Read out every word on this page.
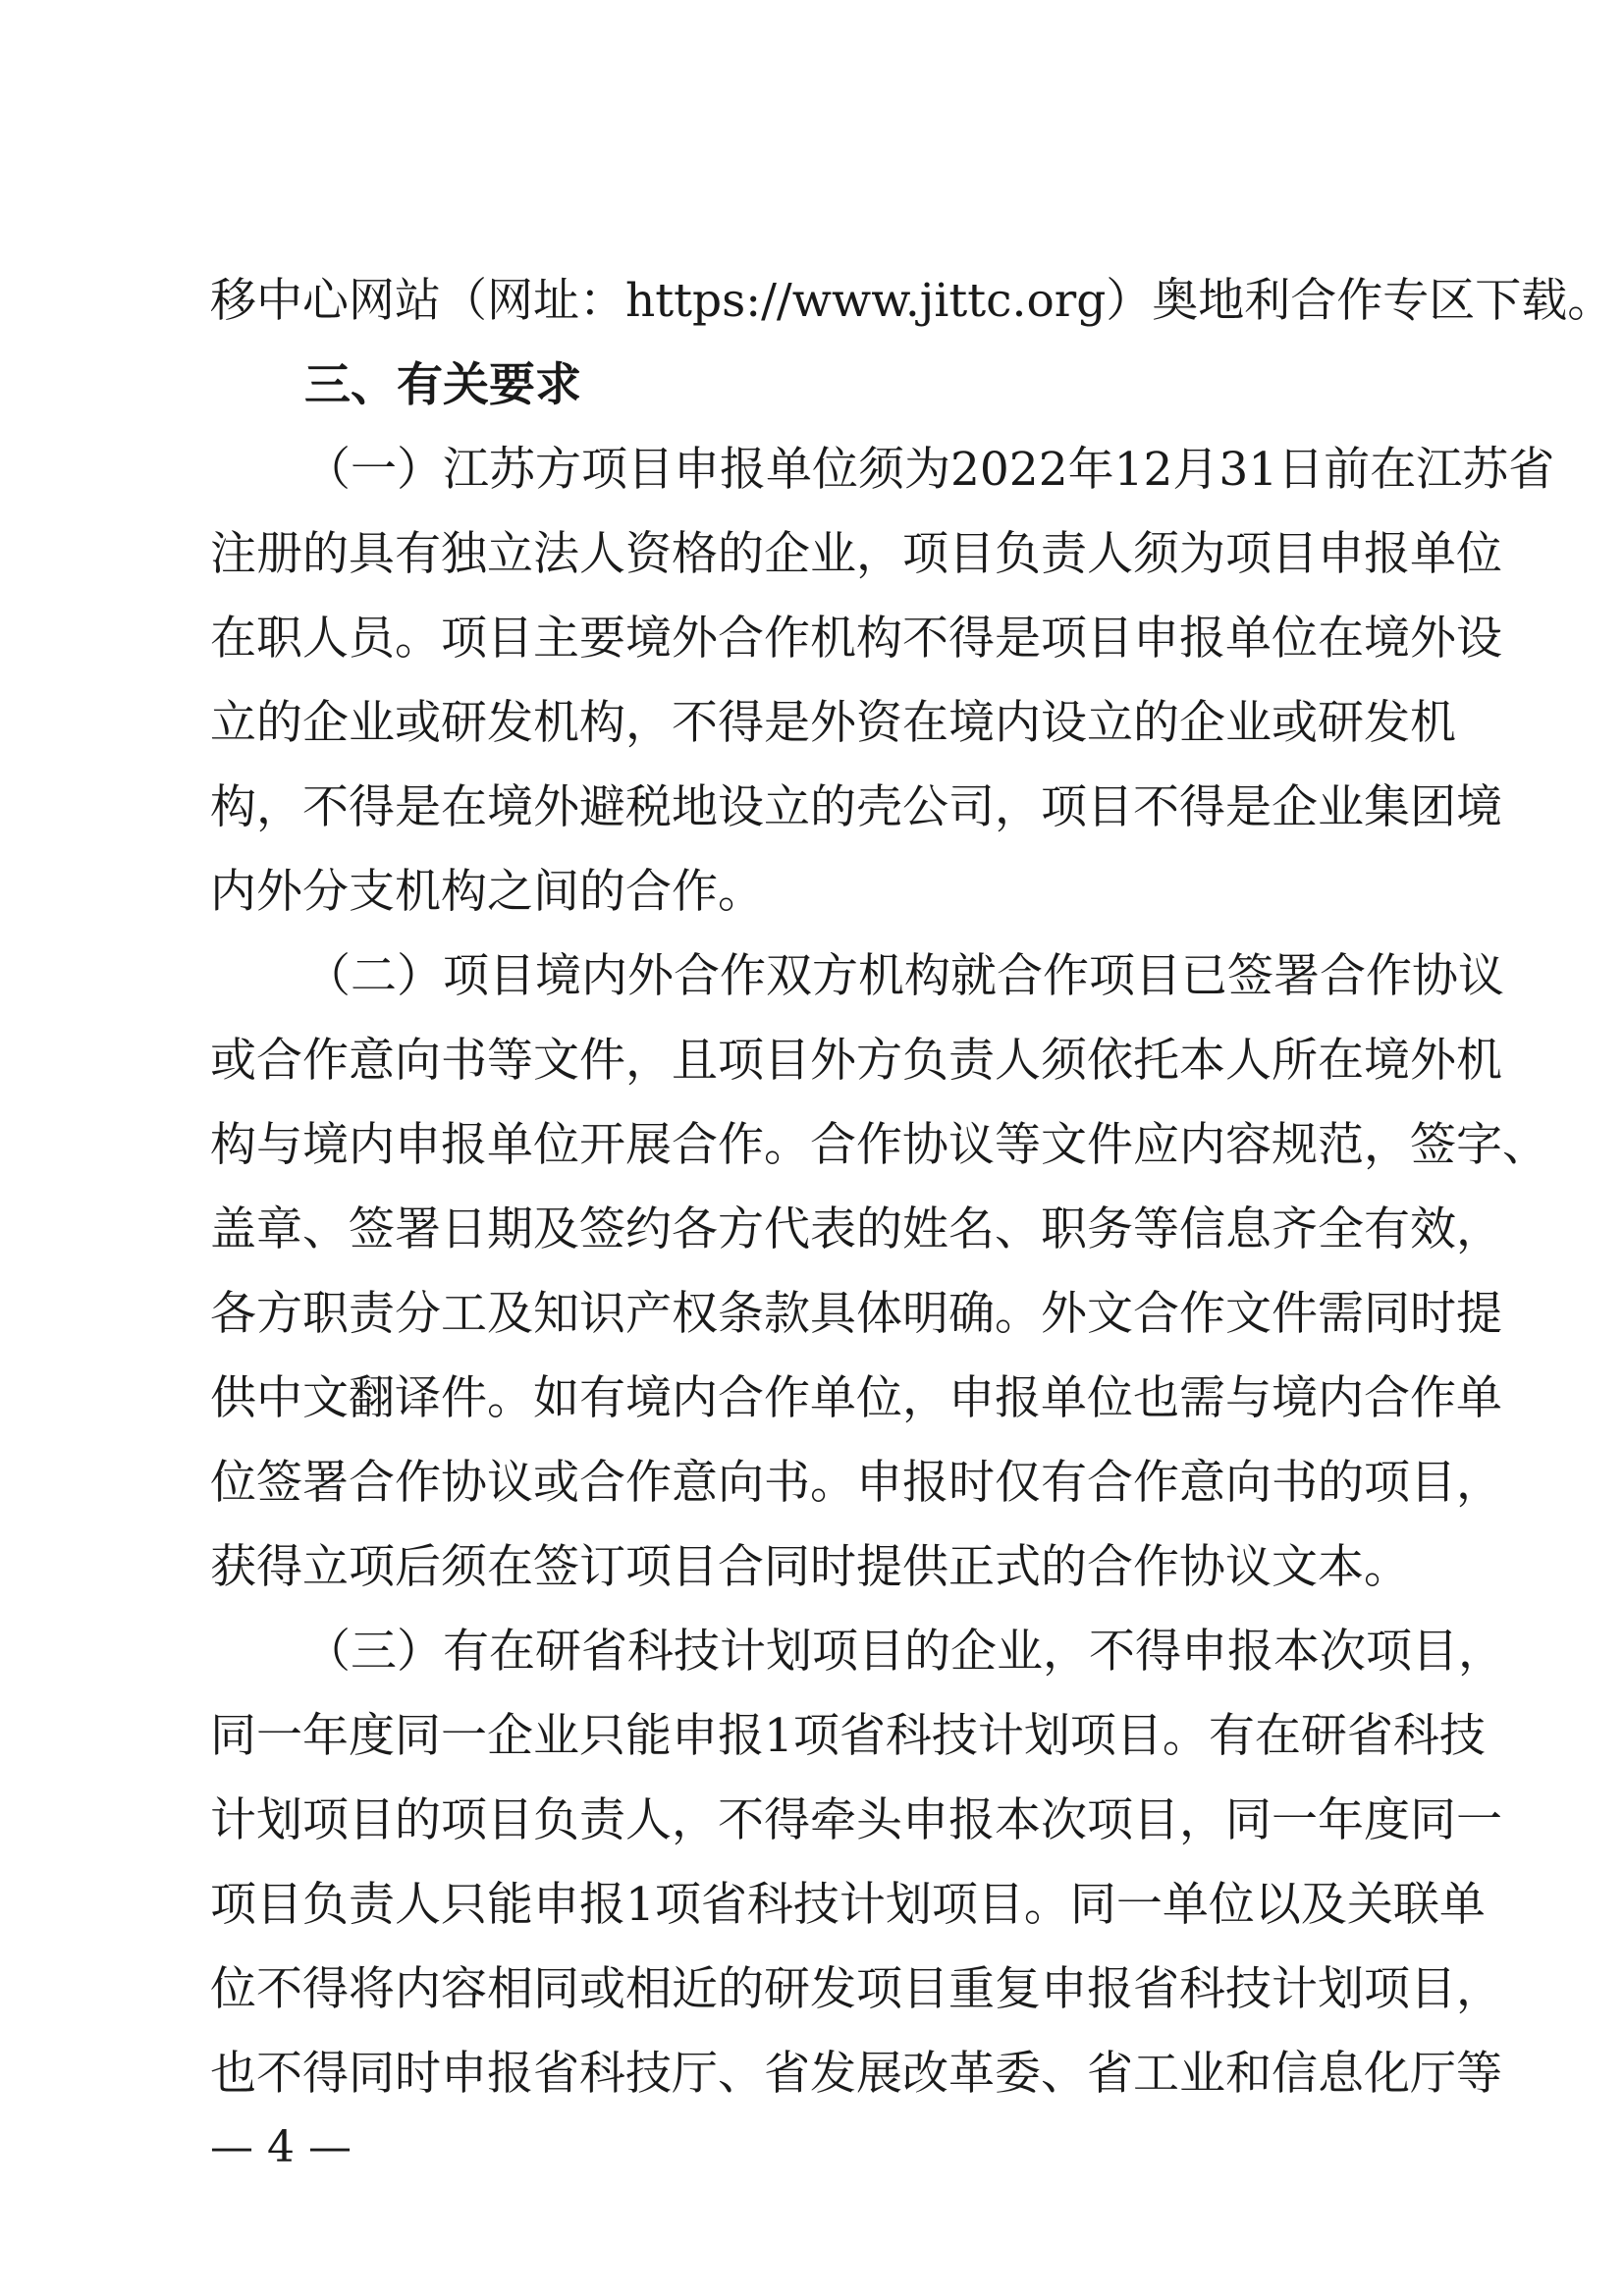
移中心网站（网址：https://www.jittc.org）奥地利合作专区下载。
三、有关要求
（一）江苏方项目申报单位须为2022年12月31日前在江苏省
注册的具有独立法人资格的企业，项目负责人须为项目申报单位
在职人员。项目主要境外合作机构不得是项目申报单位在境外设
立的企业或研发机构，不得是外资在境内设立的企业或研发机
构，不得是在境外避税地设立的壳公司，项目不得是企业集团境
内外分支机构之间的合作。
（二）项目境内外合作双方机构就合作项目已签署合作协议
或合作意向书等文件，且项目外方负责人须依托本人所在境外机
构与境内申报单位开展合作。合作协议等文件应内容规范，签字、
盖章、签署日期及签约各方代表的姓名、职务等信息齐全有效，
各方职责分工及知识产权条款具体明确。外文合作文件需同时提
供中文翻译件。如有境内合作单位，申报单位也需与境内合作单
位签署合作协议或合作意向书。申报时仅有合作意向书的项目，
获得立项后须在签订项目合同时提供正式的合作协议文本。
（三）有在研省科技计划项目的企业，不得申报本次项目，
同一年度同一企业只能申报1项省科技计划项目。有在研省科技
计划项目的项目负责人，不得牵头申报本次项目，同一年度同一
项目负责人只能申报1项省科技计划项目。同一单位以及关联单
位不得将内容相同或相近的研发项目重复申报省科技计划项目，
也不得同时申报省科技厅、省发展改革委、省工业和信息化厅等
— 4 —
